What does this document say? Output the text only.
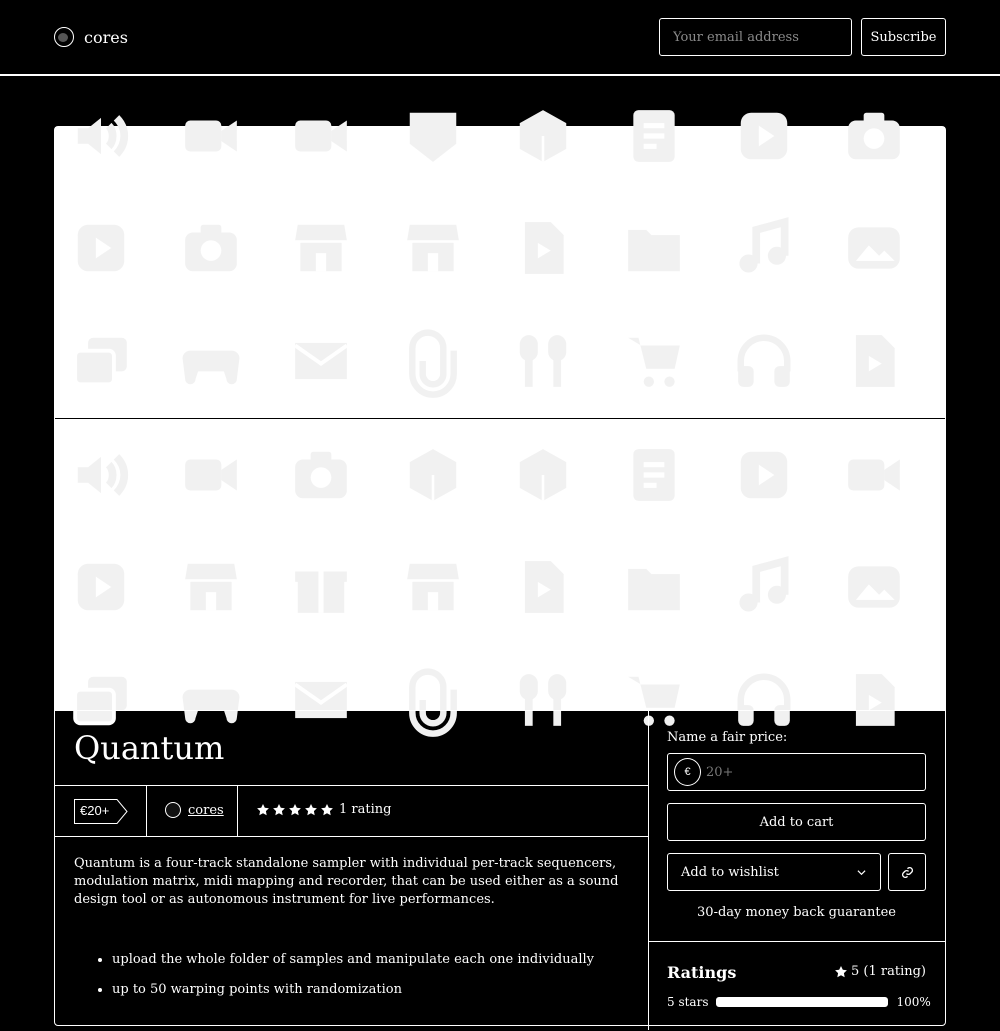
cores
Your email address	Subscribe
Quantum
€20+	cores	1 rating

Quantum is a four-track standalone sampler with individual per-track sequencers, modulation matrix, midi mapping and recorder, that can be used either as a sound design tool or as autonomous instrument for live performances.

• upload the whole folder of samples and manipulate each one individually
• up to 50 warping points with randomization
Name a fair price:
€
20+
Add to cart
Add to wishlist
30-day money back guarantee
Ratings	5 (1 rating)
5 stars	100%
